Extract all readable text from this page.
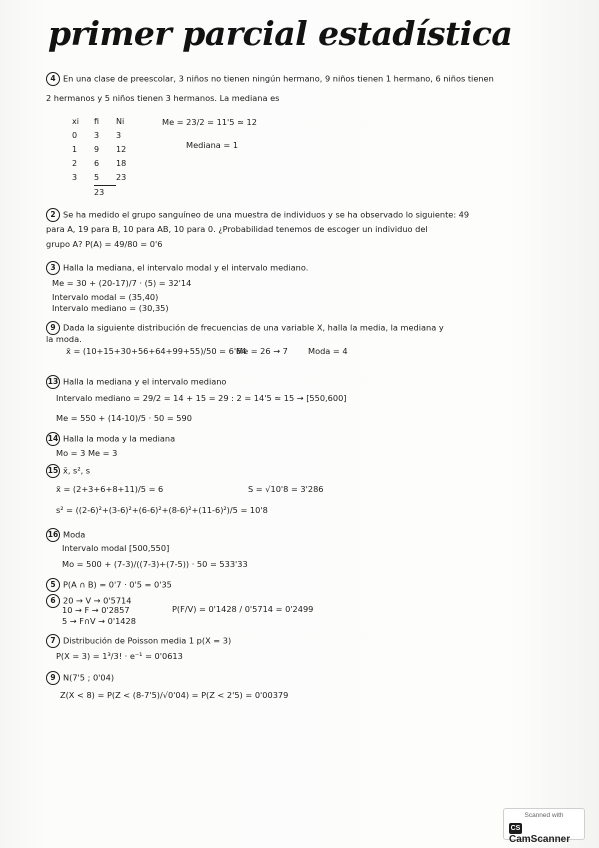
primer parcial estadística
4 En una clase de preescolar, 3 niños no tienen ningún hermano, 9 niños tienen 1 hermano, 6 niños tienen
2 hermanos y 5 niños tienen 3 hermanos. La mediana es
xi	fi	Ni
0	3	3
1	9	12
2	6	18
3	5	23
	23	
Me = 23/2 = 11'5 ≃ 12
Mediana = 1
2 Se ha medido el grupo sanguíneo de una muestra de individuos y se ha observado lo siguiente: 49
para A, 19 para B, 10 para AB, 10 para 0. ¿Probabilidad tenemos de escoger un individuo del
grupo A? P(A) = 49/80 = 0'6
3 Halla la mediana, el intervalo modal y el intervalo mediano.
Me = 30 + (20-17)/7 · (5) = 32'14
Intervalo modal = (35,40)
Intervalo mediano = (30,35)
9 Dada la siguiente distribución de frecuencias de una variable X, halla la media, la mediana y
la moda.
x̄ = (10+15+30+56+64+99+55)/50 = 6'64
Me = 26 → 7 Moda = 4
13 Halla la mediana y el intervalo mediano
Intervalo mediano = 29/2 = 14 + 15 = 29 : 2 = 14'5 ≃ 15 → [550,600]
Me = 550 + (14-10)/5 · 50 = 590
14 Halla la moda y la mediana
Mo = 3 Me = 3
15 x̄, s², s
x̄ = (2+3+6+8+11)/5 = 6	S = √10'8 = 3'286
s² = ((2-6)²+(3-6)²+(6-6)²+(8-6)²+(11-6)²)/5 = 10'8
16 Moda
Intervalo modal [500,550]
Mo = 500 + (7-3)/((7-3)+(7-5)) · 50 = 533'33
5 P(A ∩ B) = 0'7 · 0'5 = 0'35
6 20 → V → 0'5714
10 → F → 0'2857
5 → F∩V → 0'1428
P(F/V) = 0'1428 / 0'5714 = 0'2499
7 Distribución de Poisson media 1 p(X = 3)
P(X = 3) = 1³/3! · e⁻¹ = 0'0613
9 N(7'5 ; 0'04)
Z(X < 8) = P(Z < (8-7'5)/√0'04) = P(Z < 2'5) = 0'00379
Scanned with
CSCamScanner
